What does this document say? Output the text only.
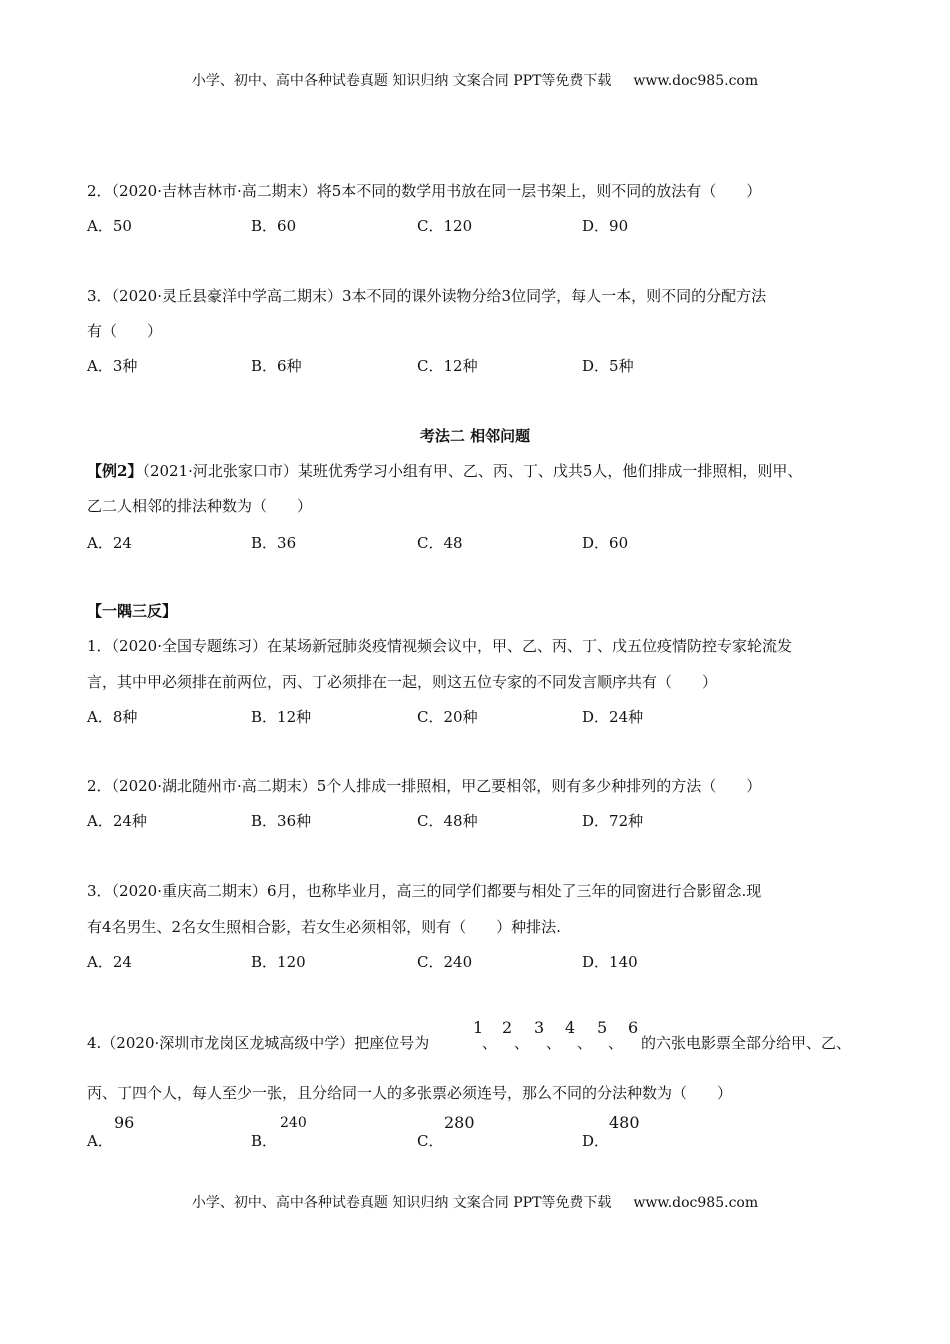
小学、初中、高中各种试卷真题 知识归纳 文案合同 PPT等免费下载 www.doc985.com
2．（2020·吉林吉林市·高二期末）将5本不同的数学用书放在同一层书架上，则不同的放法有（　　）
A．50	B．60	C．120	D．90
3．（2020·灵丘县豪洋中学高二期末）3本不同的课外读物分给3位同学，每人一本，则不同的分配方法
有（　　）
A．3种	B．6种	C．12种	D．5种
考法二 相邻问题
【例2】（2021·河北张家口市）某班优秀学习小组有甲、乙、丙、丁、戊共5人，他们排成一排照相，则甲、
乙二人相邻的排法种数为（　　）
A．24	B．36	C．48	D．60
【一隅三反】
1．（2020·全国专题练习）在某场新冠肺炎疫情视频会议中，甲、乙、丙、丁、戊五位疫情防控专家轮流发
言，其中甲必须排在前两位，丙、丁必须排在一起，则这五位专家的不同发言顺序共有（　　）
A．8种	B．12种	C．20种	D．24种
2．（2020·湖北随州市·高二期末）5个人排成一排照相，甲乙要相邻，则有多少种排列的方法（　　）
A．24种	B．36种	C．48种	D．72种
3．（2020·重庆高二期末）6月，也称毕业月，高三的同学们都要与相处了三年的同窗进行合影留念.现
有4名男生、2名女生照相合影，若女生必须相邻，则有（　　）种排法.
A．24	B．120	C．240	D．140
4.（2020·深圳市龙岗区龙城高级中学）把座位号为
1
、
2
、
3
、
4
、
5
、
6
的六张电影票全部分给甲、乙、
丙、丁四个人，每人至少一张，且分给同一人的多张票必须连号，那么不同的分法种数为（　　）
A．
96
B．
240
C．
280
D．
480
小学、初中、高中各种试卷真题 知识归纳 文案合同 PPT等免费下载 www.doc985.com
